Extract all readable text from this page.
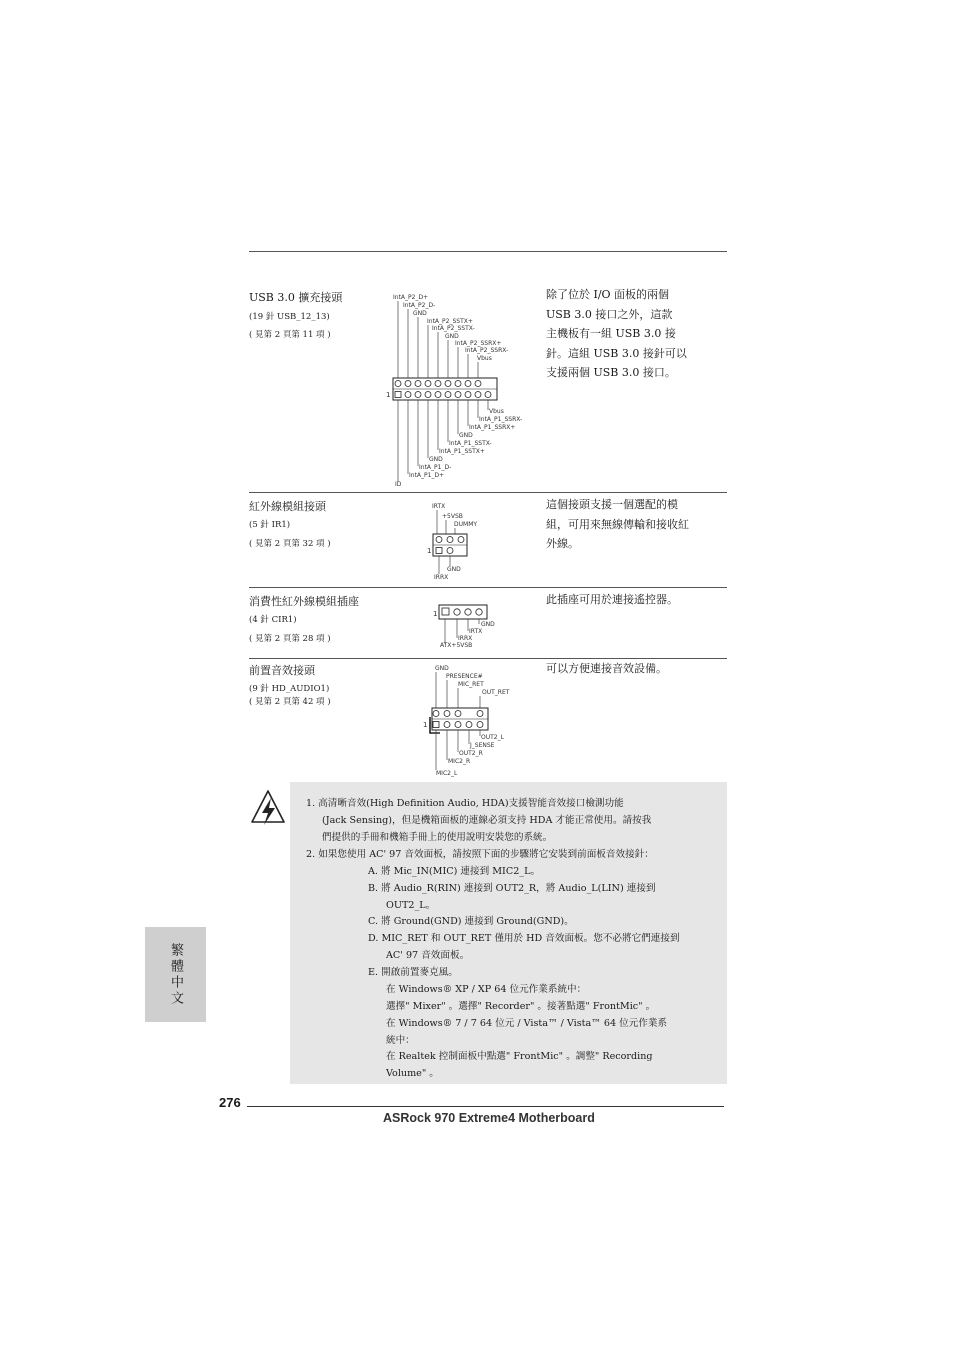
USB 3.0 擴充接頭
(19 針 USB_12_13)
( 見第 2 頁第 11 項 )
除了位於 I/O 面板的兩個
USB 3.0 接口之外，這款
主機板有一組 USB 3.0 接
針。這組 USB 3.0 接針可以
支援兩個 USB 3.0 接口。
IntA_P2_D+
IntA_P2_D-
GND
IntA_P2_SSTX+
IntA_P2_SSTX-
GND
IntA_P2_SSRX+
IntA_P2_SSRX-
Vbus
1
Vbus
IntA_P1_SSRX-
IntA_P1_SSRX+
GND
IntA_P1_SSTX-
IntA_P1_SSTX+
GND
IntA_P1_D-
IntA_P1_D+
ID
紅外線模組接頭
(5 針 IR1)
( 見第 2 頁第 32 項 )
這個接頭支援一個選配的模
組，可用來無線傳輸和接收紅
外線。
IRTX
+5VSB
DUMMY
1
GND
IRRX
消費性紅外線模組插座
(4 針 CIR1)
( 見第 2 頁第 28 項 )
此插座可用於連接遙控器。
1
GND
IRTX
IRRX
ATX+5VSB
前置音效接頭
(9 針 HD_AUDIO1)
( 見第 2 頁第 42 項 )
可以方便連接音效設備。
GND
PRESENCE#
MIC_RET
OUT_RET
1
OUT2_L
J_SENSE
OUT2_R
MIC2_R
MIC2_L
1. 高清晰音效(High Definition Audio, HDA)支援智能音效接口檢測功能
(Jack Sensing)，但是機箱面板的連線必須支持 HDA 才能正常使用。請按我
們提供的手冊和機箱手冊上的使用說明安裝您的系統。
2. 如果您使用 AC' 97 音效面板，請按照下面的步驟將它安裝到前面板音效接針：
A. 將 Mic_IN(MIC) 連接到 MIC2_L。
B. 將 Audio_R(RIN) 連接到 OUT2_R，將 Audio_L(LIN) 連接到
OUT2_L。
C. 將 Ground(GND) 連接到 Ground(GND)。
D. MIC_RET 和 OUT_RET 僅用於 HD 音效面板。您不必將它們連接到
AC' 97 音效面板。
E. 開啟前置麥克風。
在 Windows® XP / XP 64 位元作業系統中：
選擇" Mixer" 。選擇" Recorder" 。接著點選" FrontMic" 。
在 Windows® 7 / 7 64 位元 / Vista™ / Vista™ 64 位元作業系
統中：
在 Realtek 控制面板中點選" FrontMic" 。調整" Recording
Volume" 。
繁體中文
276
ASRock 970 Extreme4 Motherboard
